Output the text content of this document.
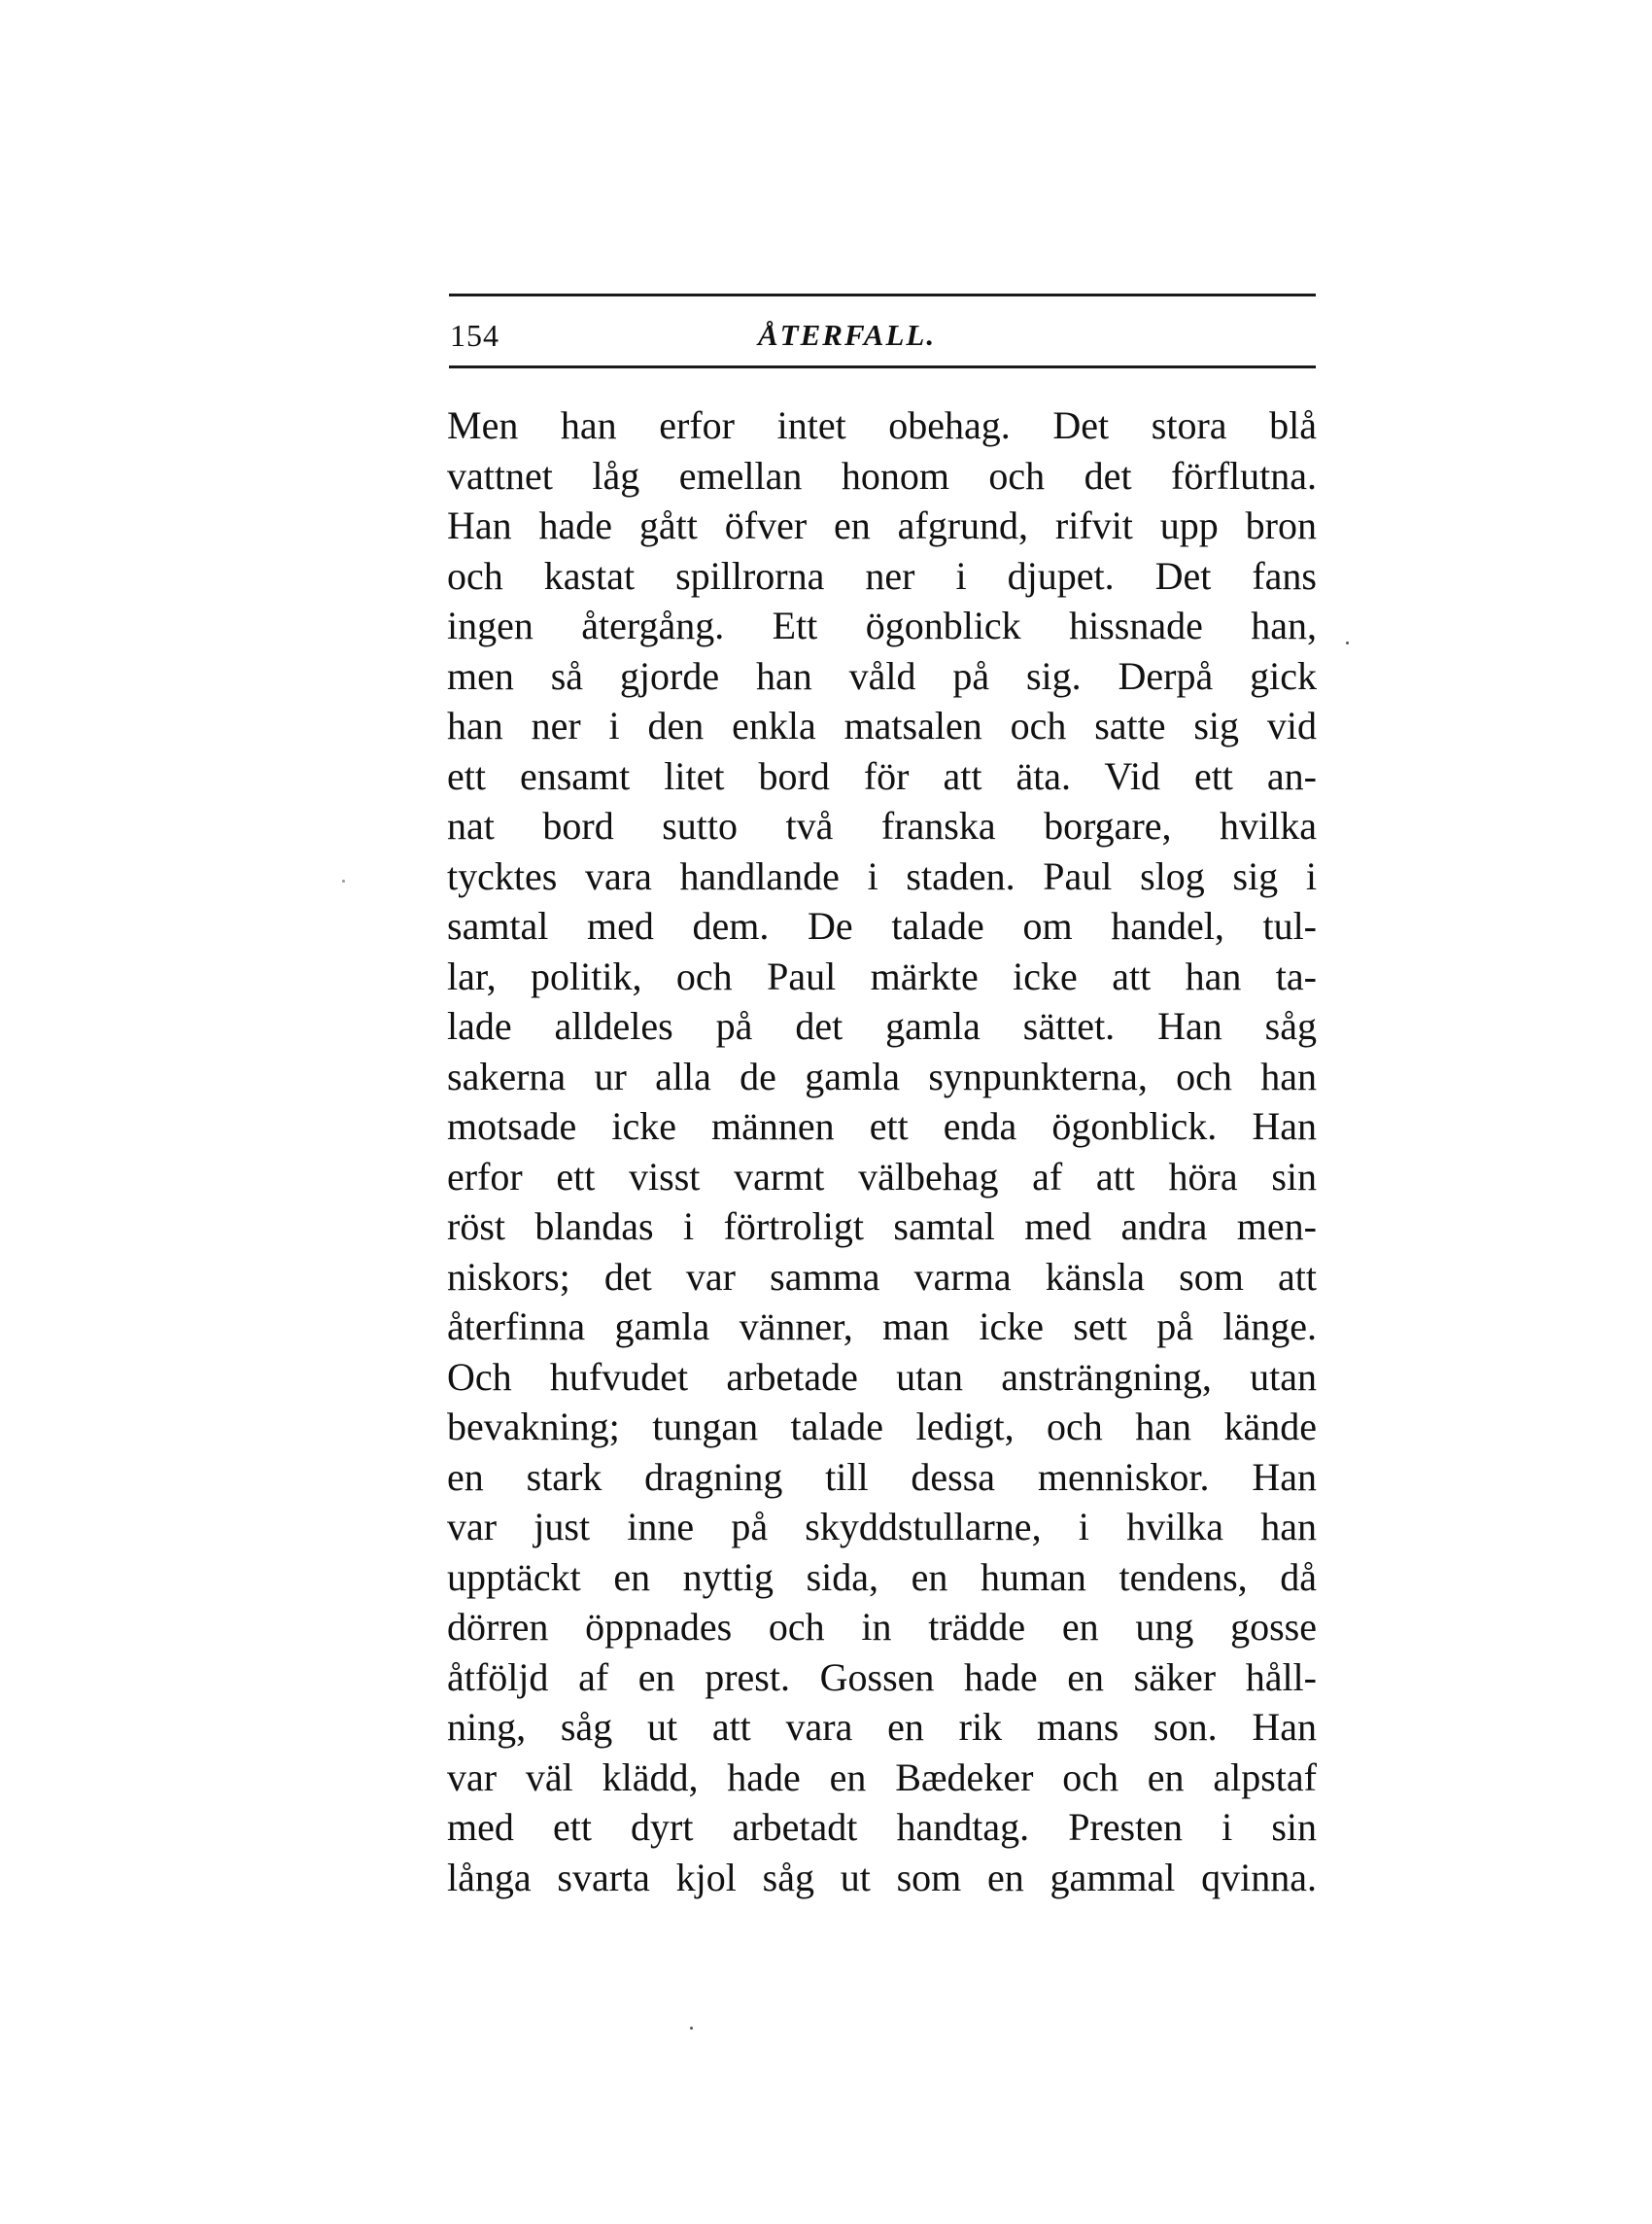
154	ÅTERFALL.
Men han erfor intet obehag. Det stora blå
vattnet låg emellan honom och det förflutna.
Han hade gått öfver en afgrund, rifvit upp bron
och kastat spillrorna ner i djupet. Det fans
ingen återgång. Ett ögonblick hissnade han,
men så gjorde han våld på sig. Derpå gick
han ner i den enkla matsalen och satte sig vid
ett ensamt litet bord för att äta. Vid ett an-
nat bord sutto två franska borgare, hvilka
tycktes vara handlande i staden. Paul slog sig i
samtal med dem. De talade om handel, tul-
lar, politik, och Paul märkte icke att han ta-
lade alldeles på det gamla sättet. Han såg
sakerna ur alla de gamla synpunkterna, och han
motsade icke männen ett enda ögonblick. Han
erfor ett visst varmt välbehag af att höra sin
röst blandas i förtroligt samtal med andra men-
niskors; det var samma varma känsla som att
återfinna gamla vänner, man icke sett på länge.
Och hufvudet arbetade utan ansträngning, utan
bevakning; tungan talade ledigt, och han kände
en stark dragning till dessa menniskor. Han
var just inne på skyddstullarne, i hvilka han
upptäckt en nyttig sida, en human tendens, då
dörren öppnades och in trädde en ung gosse
åtföljd af en prest. Gossen hade en säker håll-
ning, såg ut att vara en rik mans son. Han
var väl klädd, hade en Bædeker och en alpstaf
med ett dyrt arbetadt handtag. Presten i sin
långa svarta kjol såg ut som en gammal qvinna.
